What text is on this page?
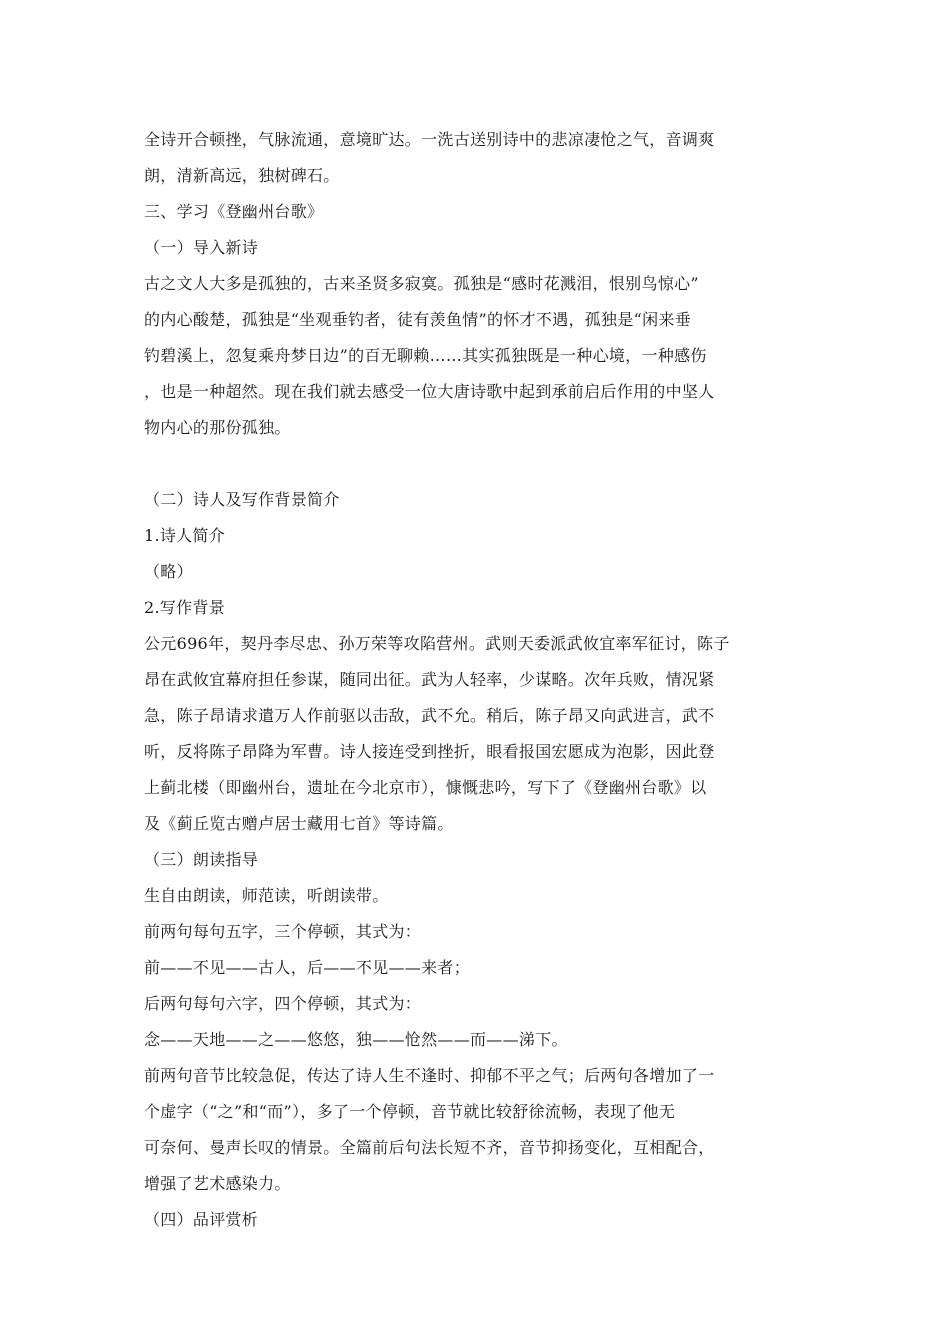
全诗开合顿挫，气脉流通，意境旷达。一洗古送别诗中的悲凉凄怆之气，音调爽
朗，清新高远，独树碑石。
三、学习《登幽州台歌》
（一）导入新诗
古之文人大多是孤独的，古来圣贤多寂寞。孤独是“感时花溅泪，恨别鸟惊心”
的内心酸楚，孤独是“坐观垂钓者，徒有羡鱼情”的怀才不遇，孤独是“闲来垂
钓碧溪上，忽复乘舟梦日边”的百无聊赖……其实孤独既是一种心境，一种感伤
，也是一种超然。现在我们就去感受一位大唐诗歌中起到承前启后作用的中坚人
物内心的那份孤独。
（二）诗人及写作背景简介
1.诗人简介
（略）
2.写作背景
公元696年，契丹李尽忠、孙万荣等攻陷营州。武则天委派武攸宜率军征讨，陈子
昂在武攸宜幕府担任参谋，随同出征。武为人轻率，少谋略。次年兵败，情况紧
急，陈子昂请求遣万人作前驱以击敌，武不允。稍后，陈子昂又向武进言，武不
听，反将陈子昂降为军曹。诗人接连受到挫折，眼看报国宏愿成为泡影，因此登
上蓟北楼（即幽州台，遗址在今北京市），慷慨悲吟，写下了《登幽州台歌》以
及《蓟丘览古赠卢居士藏用七首》等诗篇。
（三）朗读指导
生自由朗读，师范读，听朗读带。
前两句每句五字，三个停顿，其式为：
前——不见——古人，后——不见——来者；
后两句每句六字，四个停顿，其式为：
念——天地——之——悠悠，独——怆然——而——涕下。
前两句音节比较急促，传达了诗人生不逢时、抑郁不平之气；后两句各增加了一
个虚字（“之”和“而”），多了一个停顿，音节就比较舒徐流畅，表现了他无
可奈何、曼声长叹的情景。全篇前后句法长短不齐，音节抑扬变化，互相配合，
增强了艺术感染力。
（四）品评赏析
